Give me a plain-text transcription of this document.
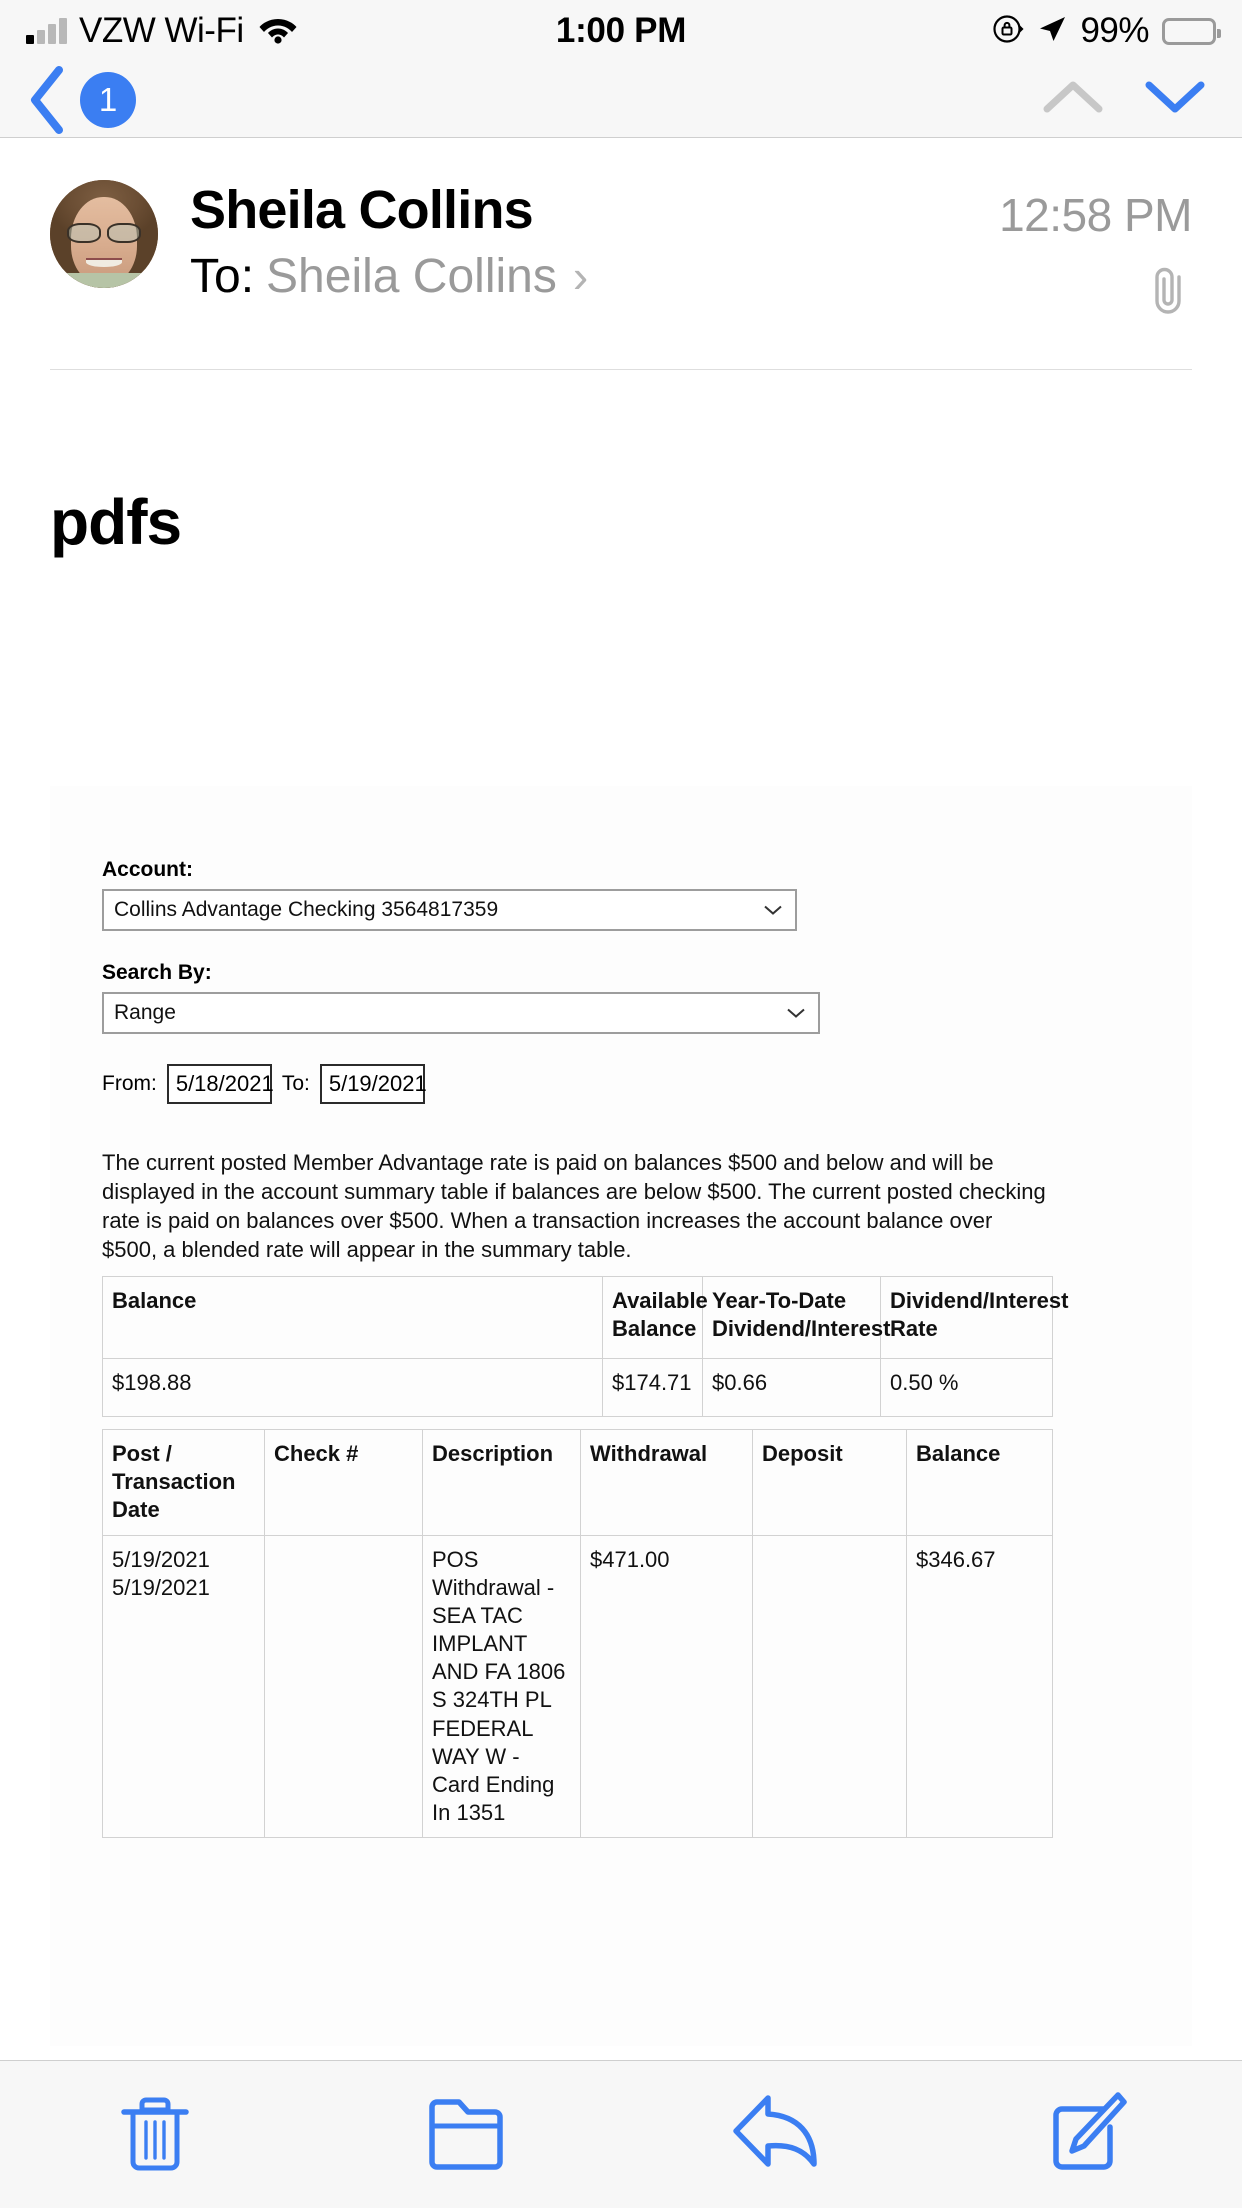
VZW Wi-Fi	1:00 PM	99%
1
Sheila Collins
To: Sheila Collins ›
12:58 PM
pdfs
Account:
Collins Advantage Checking 3564817359
Search By:
Range
From: 5/18/2021 To: 5/19/2021

The current posted Member Advantage rate is paid on balances $500 and below and will be displayed in the account summary table if balances are below $500. The current posted checking rate is paid on balances over $500. When a transaction increases the account balance over $500, a blended rate will appear in the summary table.

Balance	Available Balance	Year-To-Date Dividend/Interest	Dividend/Interest Rate
$198.88	$174.71	$0.66	0.50 %
Post / Transaction Date	Check #	Description	Withdrawal	Deposit	Balance

5/19/2021
5/19/2021		POS Withdrawal - SEA TAC IMPLANT AND FA 1806 S 324TH PL FEDERAL WAY W - Card Ending In 1351	$471.00		$346.67
